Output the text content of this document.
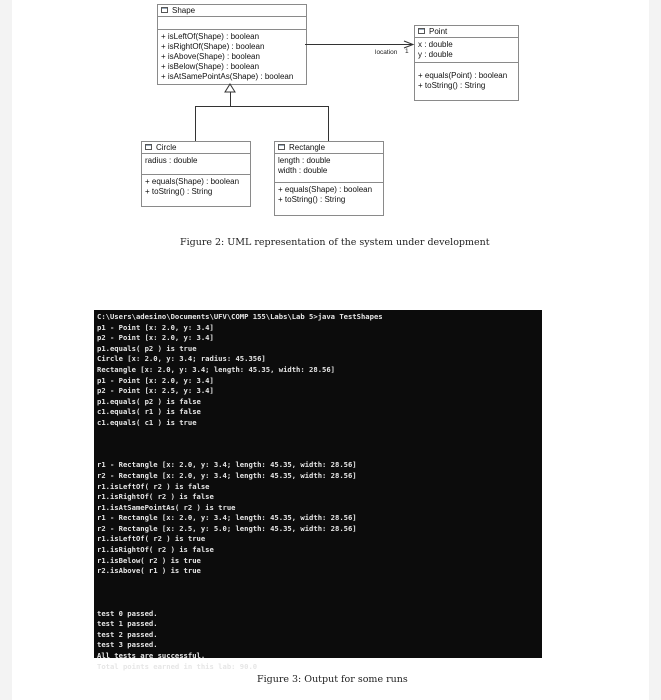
Shape
+ isLeftOf(Shape) : boolean
+ isRightOf(Shape) : boolean
+ isAbove(Shape) : boolean
+ isBelow(Shape) : boolean
+ isAtSamePointAs(Shape) : boolean
Point
x : double
y : double
+ equals(Point) : boolean
+ toString() : String
location 1
Circle
radius : double
+ equals(Shape) : boolean
+ toString() : String
Rectangle
length : double
width : double
+ equals(Shape) : boolean
+ toString() : String
Figure 2: UML representation of the system under development
C:\Users\adesino\Documents\UFV\COMP 155\Labs\Lab 5>java TestShapes
p1 - Point [x: 2.0, y: 3.4]
p2 - Point [x: 2.0, y: 3.4]
p1.equals( p2 ) is true
Circle [x: 2.0, y: 3.4; radius: 45.356]
Rectangle [x: 2.0, y: 3.4; length: 45.35, width: 28.56]
p1 - Point [x: 2.0, y: 3.4]
p2 - Point [x: 2.5, y: 3.4]
p1.equals( p2 ) is false
c1.equals( r1 ) is false
c1.equals( c1 ) is true
r1 - Rectangle [x: 2.0, y: 3.4; length: 45.35, width: 28.56]
r2 - Rectangle [x: 2.0, y: 3.4; length: 45.35, width: 28.56]
r1.isLeftOf( r2 ) is false
r1.isRightOf( r2 ) is false
r1.isAtSamePointAs( r2 ) is true
r1 - Rectangle [x: 2.0, y: 3.4; length: 45.35, width: 28.56]
r2 - Rectangle [x: 2.5, y: 5.0; length: 45.35, width: 28.56]
r1.isLeftOf( r2 ) is true
r1.isRightOf( r2 ) is false
r1.isBelow( r2 ) is true
r2.isAbove( r1 ) is true
test 0 passed.
test 1 passed.
test 2 passed.
test 3 passed.
All tests are successful.
Total points earned in this lab: 90.0
Figure 3: Output for some runs
